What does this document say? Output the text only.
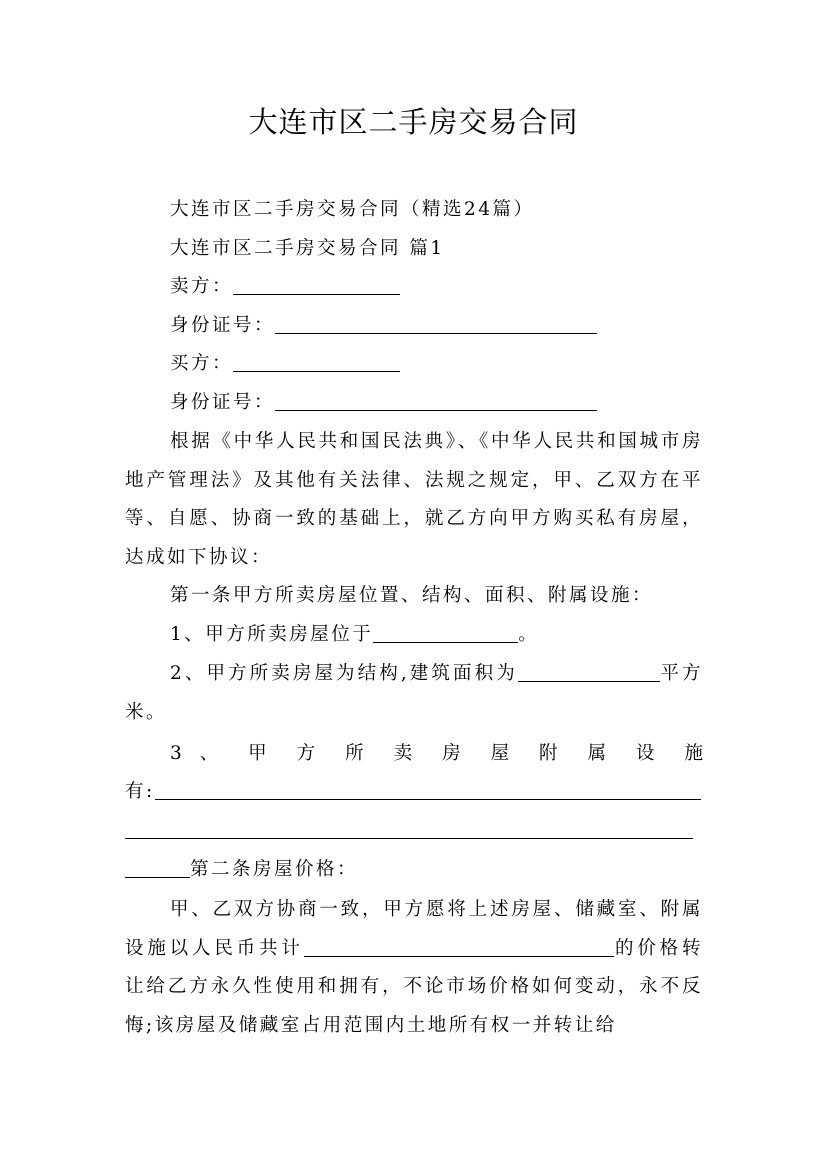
大连市区二手房交易合同
大连市区二手房交易合同（精选24篇）
大连市区二手房交易合同 篇1
卖方：
身份证号：
买方：
身份证号：
根据《中华人民共和国民法典》、《中华人民共和国城市房地产管理法》及其他有关法律、法规之规定，甲、乙双方在平等、自愿、协商一致的基础上，就乙方向甲方购买私有房屋，达成如下协议：
第一条甲方所卖房屋位置、结构、面积、附属设施：
1、甲方所卖房屋位于	。
2、甲方所卖房屋为结构,建筑面积为	平方米。
3 、 甲 方 所 卖 房 屋 附 属 设 施
有:
第二条房屋价格：
甲、乙双方协商一致，甲方愿将上述房屋、储藏室、附属设施以人民币共计	的价格转让给乙方永久性使用和拥有，不论市场价格如何变动，永不反悔;该房屋及储藏室占用范围内土地所有权一并转让给
